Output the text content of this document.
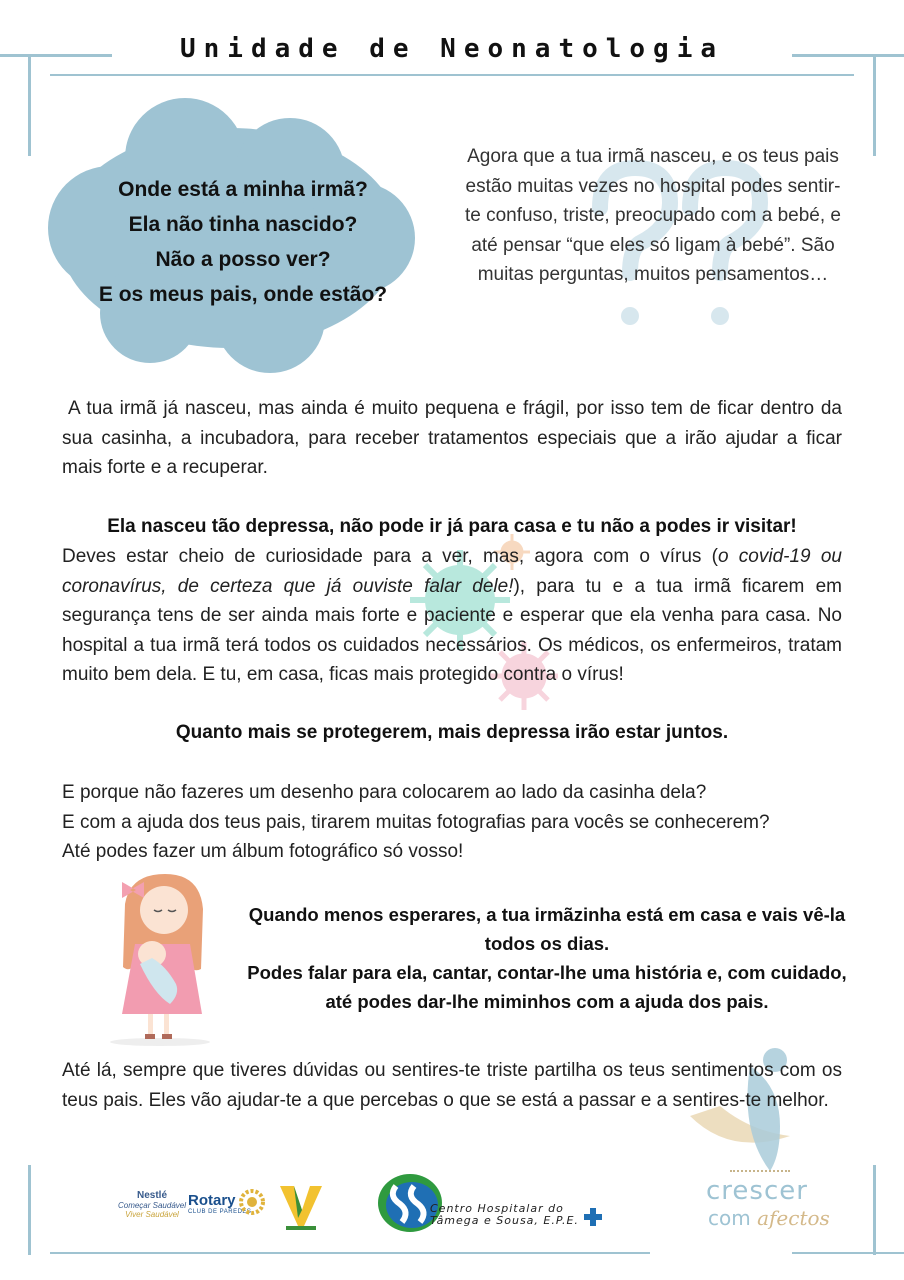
Unidade de Neonatologia
Onde está a minha irmã?
Ela não tinha nascido?
Não a posso ver?
E os meus pais, onde estão?
Agora que a tua irmã nasceu, e os teus pais estão muitas vezes no hospital podes sentir-te confuso, triste, preocupado com a bebé, e até pensar “que eles só ligam à bebé”. São muitas perguntas, muitos pensamentos…
A tua irmã já nasceu, mas ainda é muito pequena e frágil, por isso tem de ficar dentro da sua casinha, a incubadora, para receber tratamentos especiais que a irão ajudar a ficar mais forte e a recuperar.
Ela nasceu tão depressa, não pode ir já para casa e tu não a podes ir visitar!
Deves estar cheio de curiosidade para a ver, mas, agora com o vírus (o covid-19 ou coronavírus, de certeza que já ouviste falar dele!), para tu e a tua irmã ficarem em segurança tens de ser ainda mais forte e paciente e esperar que ela venha para casa. No hospital a tua irmã terá todos os cuidados necessários. Os médicos, os enfermeiros, tratam muito bem dela. E tu, em casa, ficas mais protegido contra o vírus!
Quanto mais se protegerem, mais depressa irão estar juntos.
E porque não fazeres um desenho para colocarem ao lado da casinha dela?
E com a ajuda dos teus pais, tirarem muitas fotografias para vocês se conhecerem?
Até podes fazer um álbum fotográfico só vosso!
Quando menos esperares, a tua irmãzinha está em casa e vais vê-la todos os dias.
Podes falar para ela, cantar, contar-lhe uma história e, com cuidado, até podes dar-lhe miminhos com a ajuda dos pais.
Até lá, sempre que tiveres dúvidas ou sentires-te triste partilha os teus sentimentos com os teus pais. Eles vão ajudar-te a que percebas o que se está a passar e a sentires-te melhor.
Nestlé
Começar Saudável
Viver Saudável
Rotary
CLUB DE PAREDES	Centro Hospitalar do
Tâmega e Sousa, E.P.E.
crescer
com afectos
